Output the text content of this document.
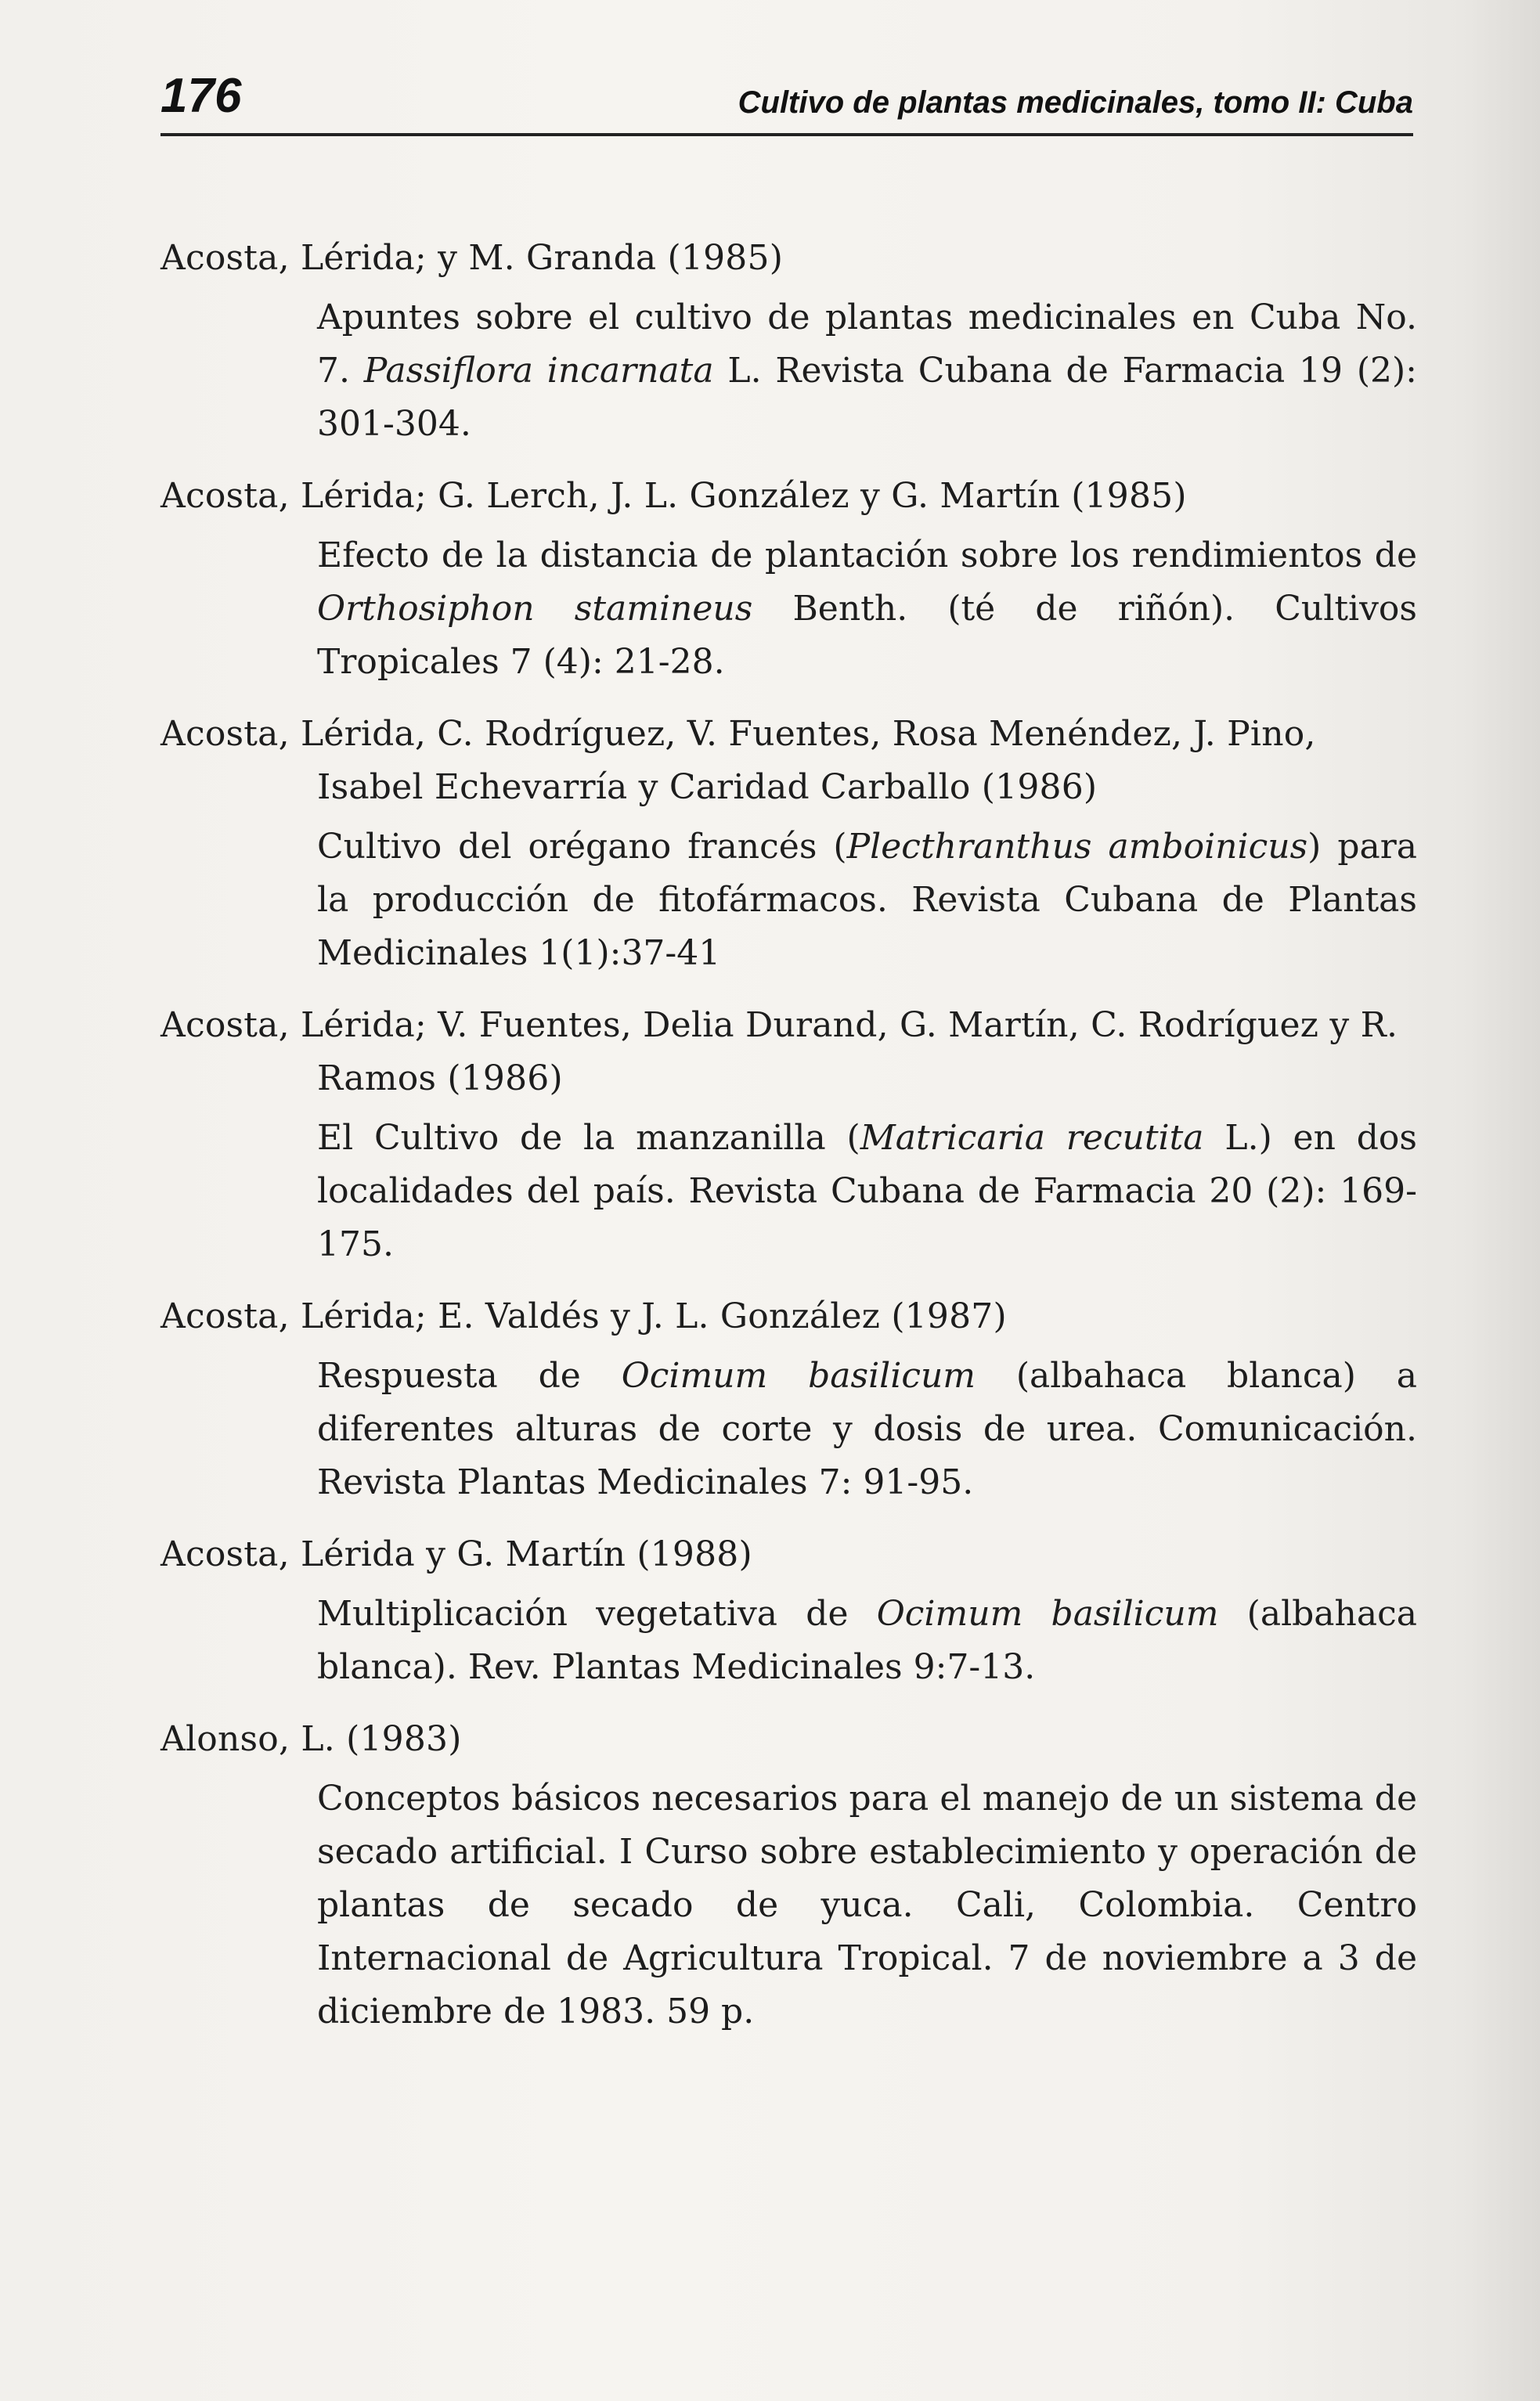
176	Cultivo de plantas medicinales, tomo II: Cuba
Acosta, Lérida; y M. Granda (1985)
Apuntes sobre el cultivo de plantas medicinales en Cuba No. 7. Passiflora incarnata L. Revista Cubana de Farmacia 19 (2): 301-304.
Acosta, Lérida; G. Lerch, J. L. González y G. Martín (1985)
Efecto de la distancia de plantación sobre los rendimientos de Orthosiphon stamineus Benth. (té de riñón). Cultivos Tropicales 7 (4): 21-28.
Acosta, Lérida, C. Rodríguez, V. Fuentes, Rosa Menéndez, J. Pino, Isabel Echevarría y Caridad Carballo (1986)
Cultivo del orégano francés (Plecthranthus amboinicus) para la producción de fitofármacos. Revista Cubana de Plantas Medicinales 1(1):37-41
Acosta, Lérida; V. Fuentes, Delia Durand, G. Martín, C. Rodríguez y R. Ramos (1986)
El Cultivo de la manzanilla (Matricaria recutita L.) en dos localidades del país. Revista Cubana de Farmacia 20 (2): 169-175.
Acosta, Lérida; E. Valdés y J. L. González (1987)
Respuesta de Ocimum basilicum (albahaca blanca) a diferentes alturas de corte y dosis de urea. Comunicación. Revista Plantas Medicinales 7: 91-95.
Acosta, Lérida y G. Martín (1988)
Multiplicación vegetativa de Ocimum basilicum (albahaca blanca). Rev. Plantas Medicinales 9:7-13.
Alonso, L. (1983)
Conceptos básicos necesarios para el manejo de un sistema de secado artificial. I Curso sobre establecimiento y operación de plantas de secado de yuca. Cali, Colombia. Centro Internacional de Agricultura Tropical. 7 de noviembre a 3 de diciembre de 1983. 59 p.
